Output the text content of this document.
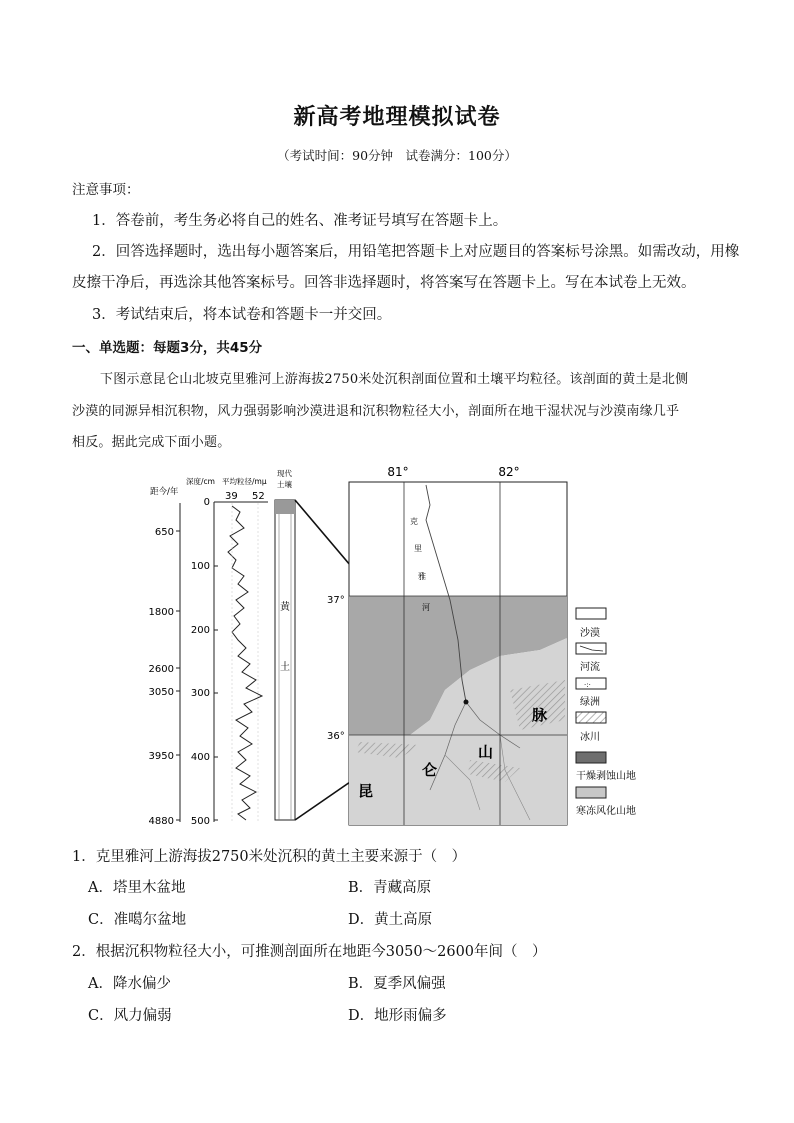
新高考地理模拟试卷
（考试时间：90分钟　试卷满分：100分）
注意事项：
1．答卷前，考生务必将自己的姓名、准考证号填写在答题卡上。
2．回答选择题时，选出每小题答案后，用铅笔把答题卡上对应题目的答案标号涂黑。如需改动，用橡
皮擦干净后，再选涂其他答案标号。回答非选择题时，将答案写在答题卡上。写在本试卷上无效。
3．考试结束后，将本试卷和答题卡一并交回。
一、单选题：每题3分，共45分
下图示意昆仑山北坡克里雅河上游海拔2750米处沉积剖面位置和土壤平均粒径。该剖面的黄土是北侧
沙漠的同源异相沉积物，风力强弱影响沙漠进退和沉积物粒径大小，剖面所在地干湿状况与沙漠南缘几乎
相反。据此完成下面小题。
距今/年
深度/cm 平均粒径/mμ
现代
土壤
39 52
650
1800
2600
3050
3950
4880
0
100
200
300
400
500
黄
土
81°	82°
37°
36°
克
里
雅
河
昆
仑
山
脉
沙漠
河流
·:·
绿洲
冰川
干燥剥蚀山地
寒冻风化山地
1．克里雅河上游海拔2750米处沉积的黄土主要来源于（　）
A．塔里木盆地	B．青藏高原
C．准噶尔盆地	D．黄土高原
2．根据沉积物粒径大小，可推测剖面所在地距今3050～2600年间（　）
A．降水偏少	B．夏季风偏强
C．风力偏弱	D．地形雨偏多
